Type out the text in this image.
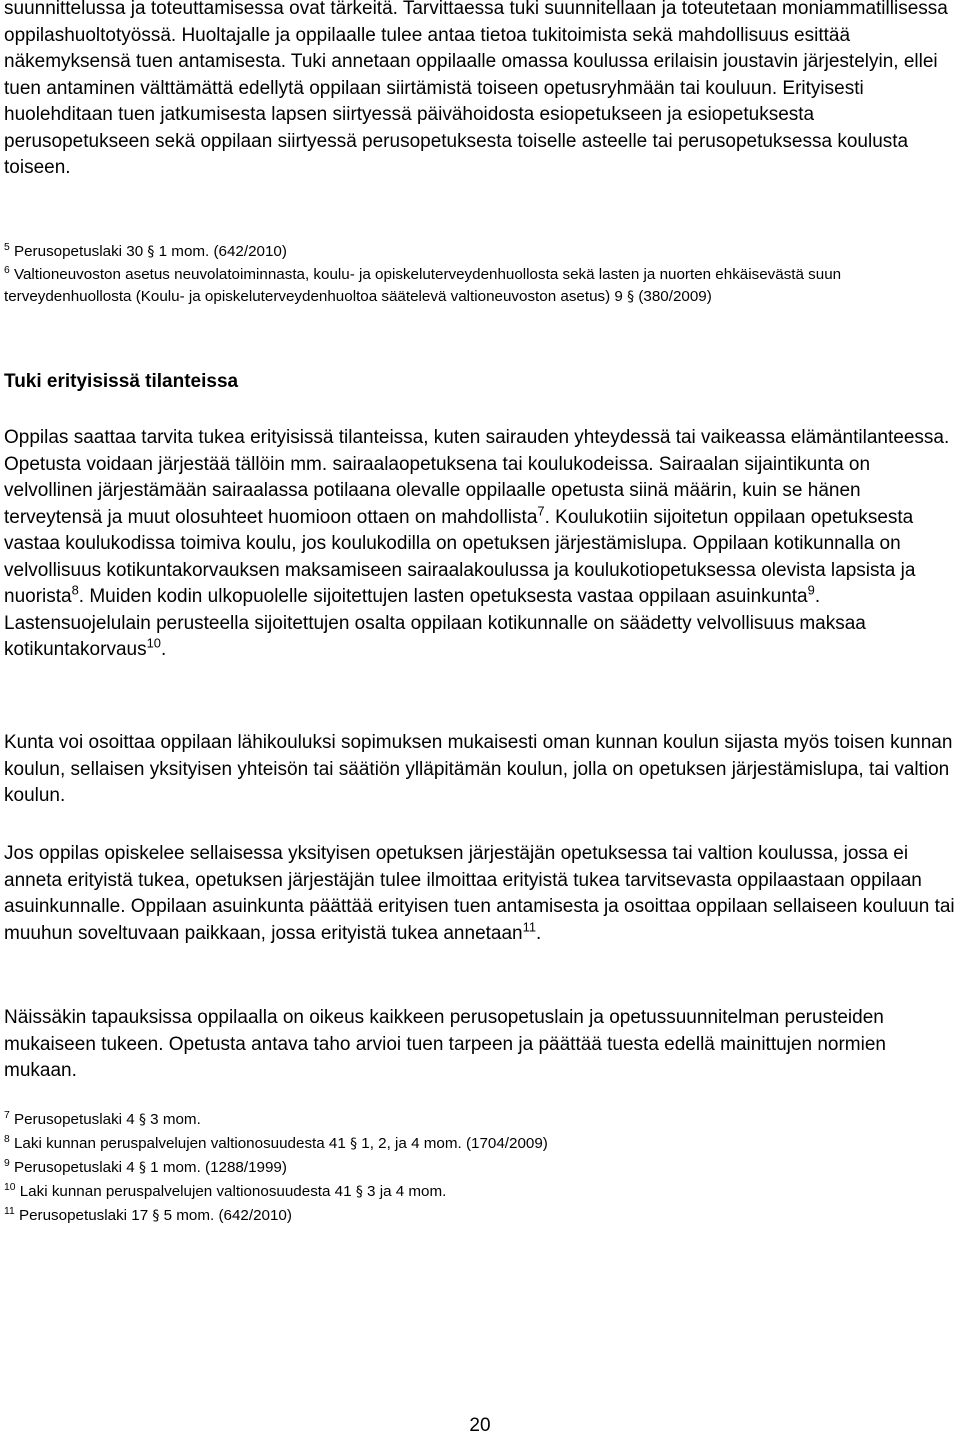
suunnittelussa ja toteuttamisessa ovat tärkeitä. Tarvittaessa tuki suunnitellaan ja toteutetaan moniammatillisessa oppilashuoltotyössä. Huoltajalle ja oppilaalle tulee antaa tietoa tukitoimista sekä mahdollisuus esittää näkemyksensä tuen antamisesta. Tuki annetaan oppilaalle omassa koulussa erilaisin joustavin järjestelyin, ellei tuen antaminen välttämättä edellytä oppilaan siirtämistä toiseen opetusryhmään tai kouluun. Erityisesti huolehditaan tuen jatkumisesta lapsen siirtyessä päivähoidosta esiopetukseen ja esiopetuksesta perusopetukseen sekä oppilaan siirtyessä perusopetuksesta toiselle asteelle tai perusopetuksessa koulusta toiseen.

$^5$ Perusopetuslaki 30 § 1 mom. (642/2010)

$^6$ Valtioneuvoston asetus neuvolatoiminnasta, koulu- ja opiskeluterveydenhuollosta sekä lasten ja nuorten ehkäisevästä suun terveydenhuollosta (Koulu- ja opiskeluterveydenhuoltoa säätelevä valtioneuvoston asetus) 9 § (380/2009)

Tuki erityisissä tilanteissa

Oppilas saattaa tarvita tukea erityisissä tilanteissa, kuten sairauden yhteydessä tai vaikeassa elämäntilanteessa. Opetusta voidaan järjestää tällöin mm. sairaalaopetuksena tai koulukodeissa. Sairaalan sijaintikunta on velvollinen järjestämään sairaalassa potilaana olevalle oppilaalle opetusta siinä määrin, kuin se hänen terveytensä ja muut olosuhteet huomioon ottaen on mahdollista$^7$. Koulukotiin sijoitetun oppilaan opetuksesta vastaa koulukodissa toimiva koulu, jos koulukodilla on opetuksen järjestämislupa. Oppilaan kotikunnalla on velvollisuus kotikuntakorvauksen maksamiseen sairaalakoulussa ja koulukotiopetuksessa olevista lapsista ja nuorista$^8$. Muiden kodin ulkopuolelle sijoitettujen lasten opetuksesta vastaa oppilaan asuinkunta$^9$. Lastensuojelulain perusteella sijoitettujen osalta oppilaan kotikunnalle on säädetty velvollisuus maksaa kotikuntakorvaus$^{10}$.

Kunta voi osoittaa oppilaan lähikouluksi sopimuksen mukaisesti oman kunnan koulun sijasta myös toisen kunnan koulun, sellaisen yksityisen yhteisön tai säätiön ylläpitämän koulun, jolla on opetuksen järjestämislupa, tai valtion koulun.

Jos oppilas opiskelee sellaisessa yksityisen opetuksen järjestäjän opetuksessa tai valtion koulussa, jossa ei anneta erityistä tukea, opetuksen järjestäjän tulee ilmoittaa erityistä tukea tarvitsevasta oppilaastaan oppilaan asuinkunnalle. Oppilaan asuinkunta päättää erityisen tuen antamisesta ja osoittaa oppilaan sellaiseen kouluun tai muuhun soveltuvaan paikkaan, jossa erityistä tukea annetaan$^{11}$.

Näissäkin tapauksissa oppilaalla on oikeus kaikkeen perusopetuslain ja opetussuunnitelman perusteiden mukaiseen tukeen. Opetusta antava taho arvioi tuen tarpeen ja päättää tuesta edellä mainittujen normien mukaan.

$^7$ Perusopetuslaki 4 § 3 mom.

$^8$ Laki kunnan peruspalvelujen valtionosuudesta 41 § 1, 2, ja 4 mom. (1704/2009)

$^9$ Perusopetuslaki 4 § 1 mom. (1288/1999)

$^{10}$ Laki kunnan peruspalvelujen valtionosuudesta 41 § 3 ja 4 mom.

$^{11}$ Perusopetuslaki 17 § 5 mom. (642/2010)

20
